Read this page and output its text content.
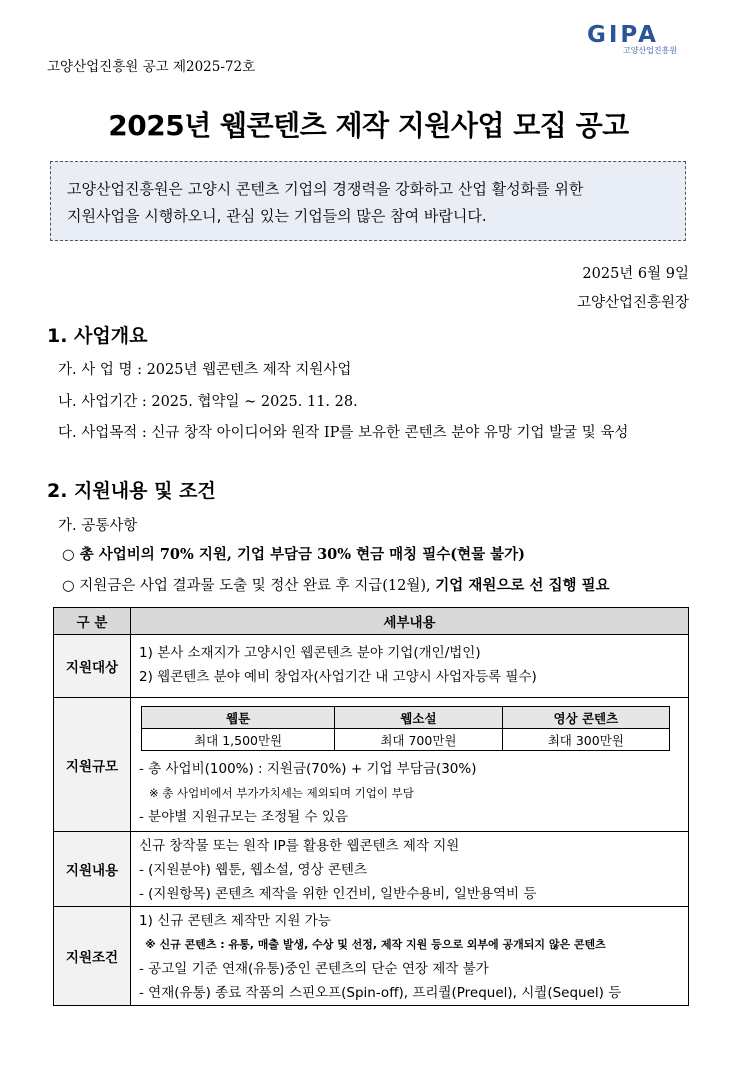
고양산업진흥원 공고 제2025-72호
GIPA
고양산업진흥원
2025년 웹콘텐츠 제작 지원사업 모집 공고
고양산업진흥원은 고양시 콘텐츠 기업의 경쟁력을 강화하고 산업 활성화를 위한
지원사업을 시행하오니, 관심 있는 기업들의 많은 참여 바랍니다.
2025년 6월 9일
고양산업진흥원장
1. 사업개요
가. 사 업 명 : 2025년 웹콘텐츠 제작 지원사업
나. 사업기간 : 2025. 협약일 ~ 2025. 11. 28.
다. 사업목적 : 신규 창작 아이디어와 원작 IP를 보유한 콘텐츠 분야 유망 기업 발굴 및 육성
2. 지원내용 및 조건
가. 공통사항
○ 총 사업비의 70% 지원, 기업 부담금 30% 현금 매칭 필수(현물 불가)
○ 지원금은 사업 결과물 도출 및 정산 완료 후 지급(12월), 기업 재원으로 선 집행 필요
구 분	세부내용
지원대상	
1) 본사 소재지가 고양시인 웹콘텐츠 분야 기업(개인/법인)
2) 웹콘텐츠 분야 예비 창업자(사업기간 내 고양시 사업자등록 필수)

지원규모	
웹툰	웹소설	영상 콘텐츠
최대 1,500만원	최대 700만원	최대 300만원
- 총 사업비(100%) : 지원금(70%) + 기업 부담금(30%)
※ 총 사업비에서 부가가치세는 제외되며 기업이 부담
- 분야별 지원규모는 조정될 수 있음

지원내용	
신규 창작물 또는 원작 IP를 활용한 웹콘텐츠 제작 지원
- (지원분야) 웹툰, 웹소설, 영상 콘텐츠
- (지원항목) 콘텐츠 제작을 위한 인건비, 일반수용비, 일반용역비 등

지원조건	
1) 신규 콘텐츠 제작만 지원 가능
※ 신규 콘텐츠 : 유통, 매출 발생, 수상 및 선정, 제작 지원 등으로 외부에 공개되지 않은 콘텐츠
- 공고일 기준 연재(유통)중인 콘텐츠의 단순 연장 제작 불가
- 연재(유통) 종료 작품의 스핀오프(Spin-off), 프리퀄(Prequel), 시퀄(Sequel) 등
